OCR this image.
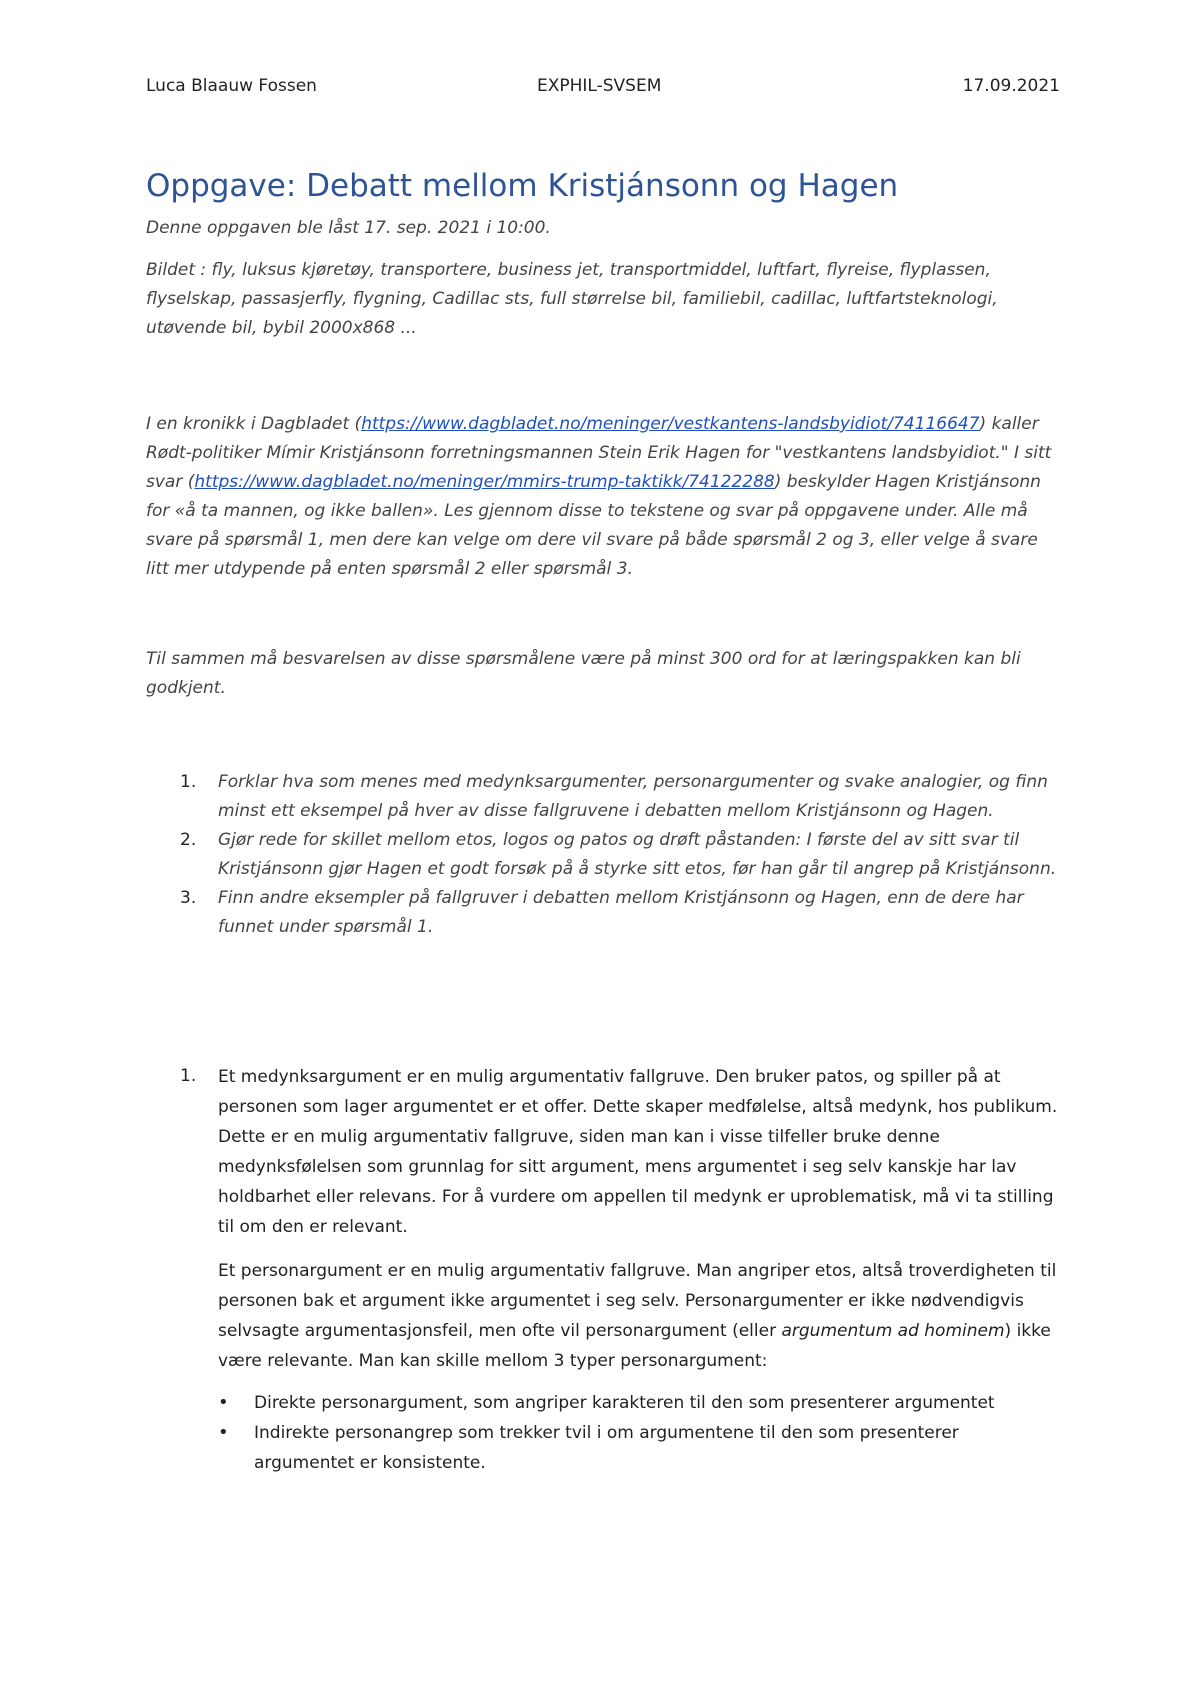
Luca Blaauw Fossen	EXPHIL-SVSEM	17.09.2021
Oppgave: Debatt mellom Kristjánsonn og Hagen
Denne oppgaven ble låst 17. sep. 2021 i 10:00.

Bildet : fly, luksus kjøretøy, transportere, business jet, transportmiddel, luftfart, flyreise, flyplassen, flyselskap, passasjerfly, flygning, Cadillac sts, full størrelse bil, familiebil, cadillac, luftfartsteknologi, utøvende bil, bybil 2000x868 ...

I en kronikk i Dagbladet (https://www.dagbladet.no/meninger/vestkantens-landsbyidiot/74116647) kaller Rødt-politiker Mímir Kristjánsonn forretningsmannen Stein Erik Hagen for "vestkantens landsbyidiot." I sitt svar (https://www.dagbladet.no/meninger/mmirs-trump-taktikk/74122288) beskylder Hagen Kristjánsonn for «å ta mannen, og ikke ballen». Les gjennom disse to tekstene og svar på oppgavene under. Alle må svare på spørsmål 1, men dere kan velge om dere vil svare på både spørsmål 2 og 3, eller velge å svare litt mer utdypende på enten spørsmål 2 eller spørsmål 3.

Til sammen må besvarelsen av disse spørsmålene være på minst 300 ord for at læringspakken kan bli godkjent.

1. Forklar hva som menes med medynksargumenter, personargumenter og svake analogier, og finn minst ett eksempel på hver av disse fallgruvene i debatten mellom Kristjánsonn og Hagen.
2. Gjør rede for skillet mellom etos, logos og patos og drøft påstanden: I første del av sitt svar til Kristjánsonn gjør Hagen et godt forsøk på å styrke sitt etos, før han går til angrep på Kristjánsonn.
3. Finn andre eksempler på fallgruver i debatten mellom Kristjánsonn og Hagen, enn de dere har funnet under spørsmål 1.
1. Et medynksargument er en mulig argumentativ fallgruve. Den bruker patos, og spiller på at personen som lager argumentet er et offer. Dette skaper medfølelse, altså medynk, hos publikum. Dette er en mulig argumentativ fallgruve, siden man kan i visse tilfeller bruke denne medynksfølelsen som grunnlag for sitt argument, mens argumentet i seg selv kanskje har lav holdbarhet eller relevans. For å vurdere om appellen til medynk er uproblematisk, må vi ta stilling til om den er relevant.

Et personargument er en mulig argumentativ fallgruve. Man angriper etos, altså troverdigheten til personen bak et argument ikke argumentet i seg selv. Personargumenter er ikke nødvendigvis selvsagte argumentasjonsfeil, men ofte vil personargument (eller argumentum ad hominem) ikke være relevante. Man kan skille mellom 3 typer personargument:

• Direkte personargument, som angriper karakteren til den som presenterer argumentet
• Indirekte personangrep som trekker tvil i om argumentene til den som presenterer argumentet er konsistente.
